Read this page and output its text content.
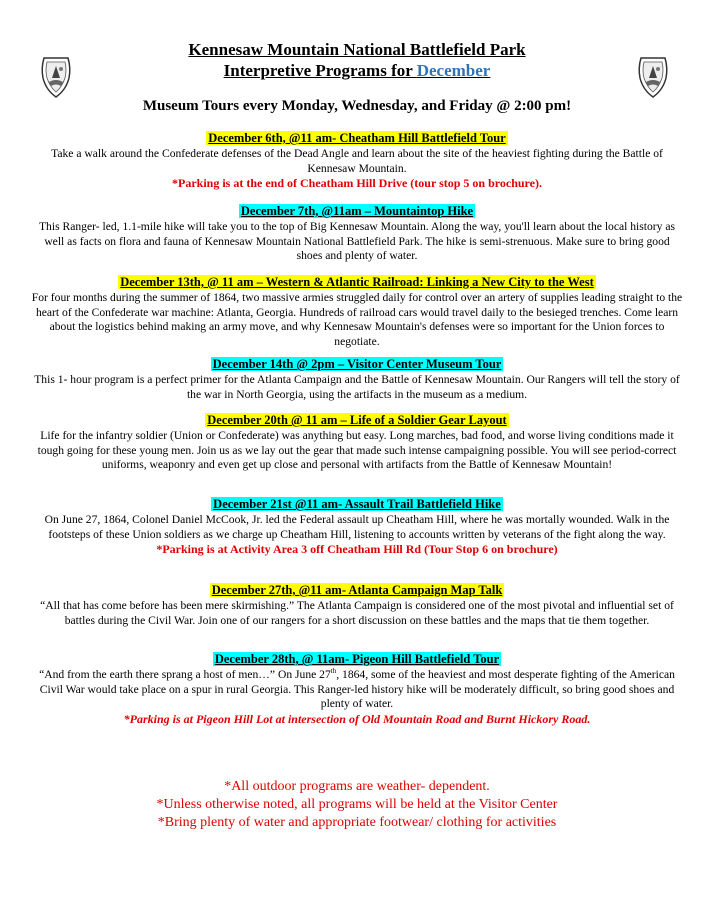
Kennesaw Mountain National Battlefield Park
Interpretive Programs for December
Museum Tours every Monday, Wednesday, and Friday @ 2:00 pm!
December 6th, @11 am- Cheatham Hill Battlefield Tour
Take a walk around the Confederate defenses of the Dead Angle and learn about the site of the heaviest fighting during the Battle of Kennesaw Mountain.
*Parking is at the end of Cheatham Hill Drive (tour stop 5 on brochure).
December 7th, @11am – Mountaintop Hike
This Ranger- led, 1.1-mile hike will take you to the top of Big Kennesaw Mountain. Along the way, you'll learn about the local history as well as facts on flora and fauna of Kennesaw Mountain National Battlefield Park. The hike is semi-strenuous. Make sure to bring good shoes and plenty of water.
December 13th, @ 11 am – Western & Atlantic Railroad: Linking a New City to the West
For four months during the summer of 1864, two massive armies struggled daily for control over an artery of supplies leading straight to the heart of the Confederate war machine: Atlanta, Georgia. Hundreds of railroad cars would travel daily to the besieged trenches. Come learn about the logistics behind making an army move, and why Kennesaw Mountain's defenses were so important for the Union forces to negotiate.
December 14th @ 2pm – Visitor Center Museum Tour
This 1- hour program is a perfect primer for the Atlanta Campaign and the Battle of Kennesaw Mountain. Our Rangers will tell the story of the war in North Georgia, using the artifacts in the museum as a medium.
December 20th @ 11 am – Life of a Soldier Gear Layout
Life for the infantry soldier (Union or Confederate) was anything but easy. Long marches, bad food, and worse living conditions made it tough going for these young men. Join us as we lay out the gear that made such intense campaigning possible. You will see period-correct uniforms, weaponry and even get up close and personal with artifacts from the Battle of Kennesaw Mountain!
December 21st @11 am- Assault Trail Battlefield Hike
On June 27, 1864, Colonel Daniel McCook, Jr. led the Federal assault up Cheatham Hill, where he was mortally wounded. Walk in the footsteps of these Union soldiers as we charge up Cheatham Hill, listening to accounts written by veterans of the fight along the way.
*Parking is at Activity Area 3 off Cheatham Hill Rd (Tour Stop 6 on brochure)
December 27th, @11 am- Atlanta Campaign Map Talk
“All that has come before has been mere skirmishing.” The Atlanta Campaign is considered one of the most pivotal and influential set of battles during the Civil War. Join one of our rangers for a short discussion on these battles and the maps that tie them together.
December 28th, @ 11am- Pigeon Hill Battlefield Tour
“And from the earth there sprang a host of men…” On June 27th, 1864, some of the heaviest and most desperate fighting of the American Civil War would take place on a spur in rural Georgia. This Ranger-led history hike will be moderately difficult, so bring good shoes and plenty of water.
*Parking is at Pigeon Hill Lot at intersection of Old Mountain Road and Burnt Hickory Road.
*All outdoor programs are weather- dependent.
*Unless otherwise noted, all programs will be held at the Visitor Center
*Bring plenty of water and appropriate footwear/ clothing for activities
